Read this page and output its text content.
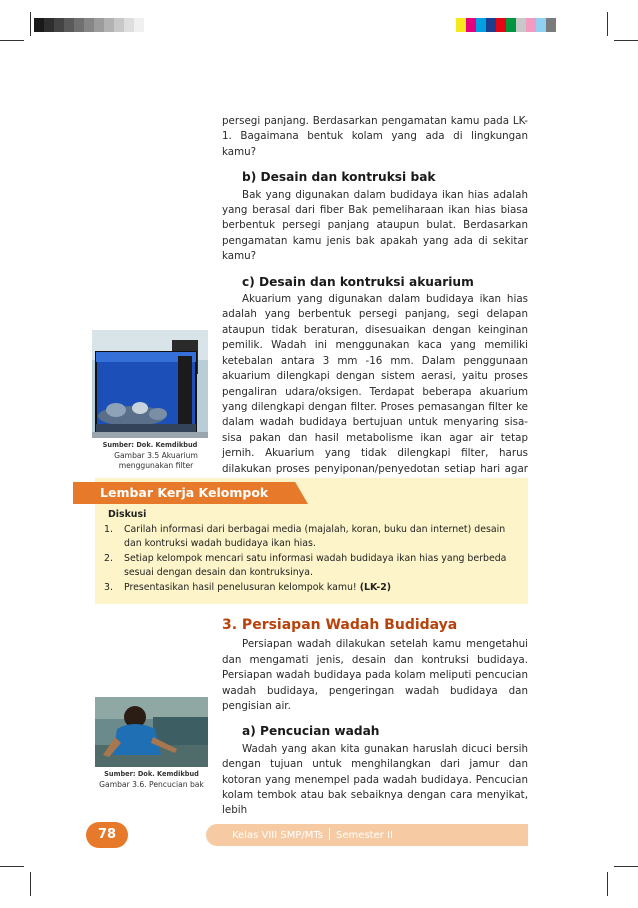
persegi panjang. Berdasarkan pengamatan kamu pada LK-1. Bagaimana bentuk kolam yang ada di lingkungan kamu?

b) Desain dan kontruksi bak

Bak yang digunakan dalam budidaya ikan hias adalah yang berasal dari fiber Bak pemeliharaan ikan hias biasa berbentuk persegi panjang ataupun bulat. Berdasarkan pengamatan kamu jenis bak apakah yang ada di sekitar kamu?

c) Desain dan kontruksi akuarium

Akuarium yang digunakan dalam budidaya ikan hias adalah yang berbentuk persegi panjang, segi delapan ataupun tidak beraturan, disesuaikan dengan keinginan pemilik. Wadah ini menggunakan kaca yang memiliki ketebalan antara 3 mm -16 mm. Dalam penggunaan akuarium dilengkapi dengan sistem aerasi, yaitu proses pengaliran udara/oksigen. Terdapat beberapa akuarium yang dilengkapi dengan filter. Proses pemasangan filter ke dalam wadah budidaya bertujuan untuk menyaring sisa-sisa pakan dan hasil metabolisme ikan agar air tetap jernih. Akuarium yang tidak dilengkapi filter, harus dilakukan proses penyiponan/penyedotan setiap hari agar

Sumber: Dok. Kemdikbud
Gambar 3.5 Akuarium menggunakan filter
Lembar Kerja Kelompok
Diskusi
1. Carilah informasi dari berbagai media (majalah, koran, buku dan internet) desain dan kontruksi wadah budidaya ikan hias.
2. Setiap kelompok mencari satu informasi wadah budidaya ikan hias yang berbeda sesuai dengan desain dan kontruksinya.
3. Presentasikan hasil penelusuran kelompok kamu! (LK-2)
3. Persiapan Wadah Budidaya

Persiapan wadah dilakukan setelah kamu mengetahui dan mengamati jenis, desain dan kontruksi budidaya. Persiapan wadah budidaya pada kolam meliputi pencucian wadah budidaya, pengeringan wadah budidaya dan pengisian air.

a) Pencucian wadah

Wadah yang akan kita gunakan haruslah dicuci bersih dengan tujuan untuk menghilangkan dari jamur dan kotoran yang menempel pada wadah budidaya. Pencucian kolam tembok atau bak sebaiknya dengan cara menyikat, lebih

Sumber: Dok. Kemdikbud
Gambar 3.6. Pencucian bak
78	Kelas VIII SMP/MTs Semester II
